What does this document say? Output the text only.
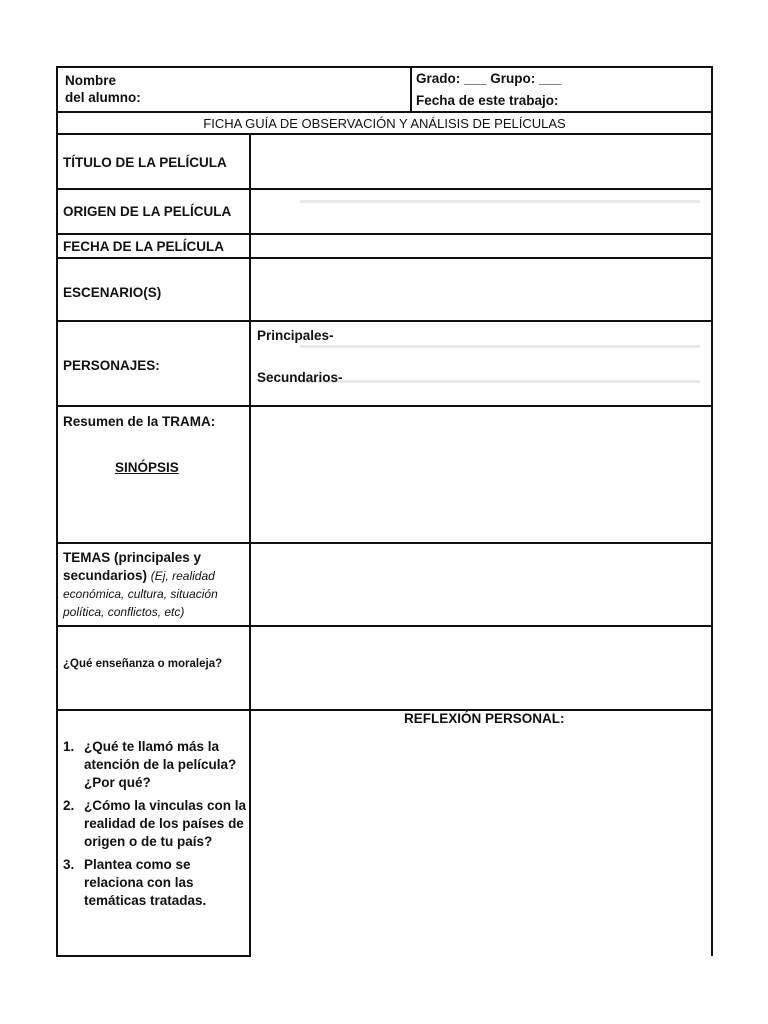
Nombre
del alumno:
Grado: ___ Grupo: ___
Fecha de este trabajo:
FICHA GUÍA DE OBSERVACIÓN Y ANÁLISIS DE PELÍCULAS
TÍTULO DE LA PELÍCULA
ORIGEN DE LA PELÍCULA
FECHA DE LA PELÍCULA
ESCENARIO(S)
PERSONAJES:
Principales-
Secundarios-
Resumen de la TRAMA:
SINÓPSIS
TEMAS (principales y
secundarios) (Ej, realidad
económica, cultura, situación
política, conflictos, etc)
¿Qué enseñanza o moraleja?
REFLEXIÓN PERSONAL:
1. ¿Qué te llamó más la atención de la película? ¿Por qué?
2. ¿Cómo la vinculas con la realidad de los países de origen o de tu país?
3. Plantea como se relaciona con las temáticas tratadas.
